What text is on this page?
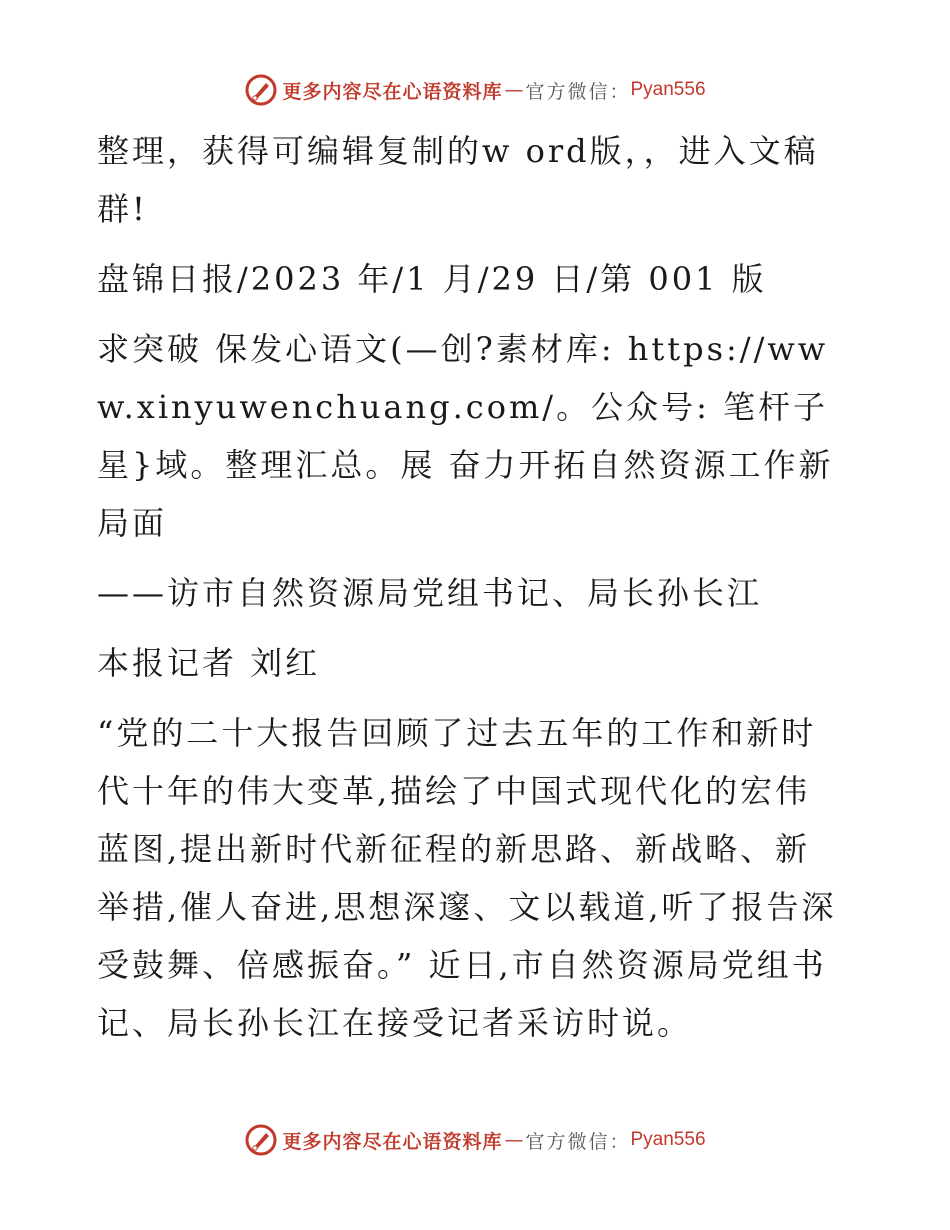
更多内容尽在心语资料库 — 官方微信： Pyan556

整理，获得可编辑复制的w ord版，，进入文稿群!

盘锦日报/2023 年/1 月/29 日/第 001 版

求突破 保发心语文(—创?素材库: https://www.xinyuwenchuang.com/。公众号: 笔杆子星}域。整理汇总。展 奋力开拓自然资源工作新局面

——访市自然资源局党组书记、局长孙长江

本报记者 刘红

“党的二十大报告回顾了过去五年的工作和新时代十年的伟大变革,描绘了中国式现代化的宏伟蓝图,提出新时代新征程的新思路、新战略、新举措,催人奋进,思想深邃、文以载道,听了报告深受鼓舞、倍感振奋。” 近日,市自然资源局党组书记、局长孙长江在接受记者采访时说。

更多内容尽在心语资料库 — 官方微信： Pyan556
